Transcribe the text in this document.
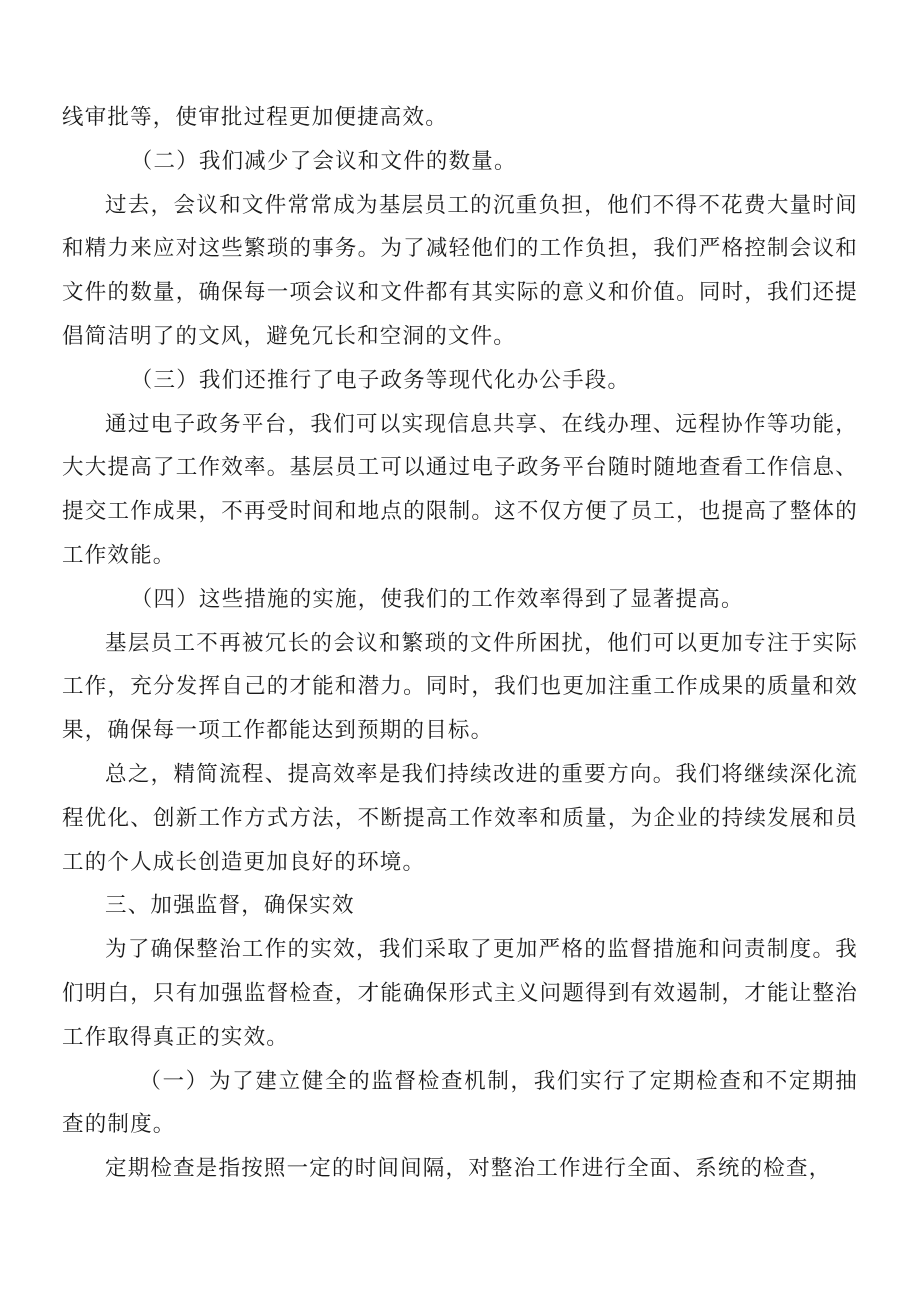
线审批等，使审批过程更加便捷高效。

（二）我们减少了会议和文件的数量。

过去，会议和文件常常成为基层员工的沉重负担，他们不得不花费大量时间和精力来应对这些繁琐的事务。为了减轻他们的工作负担，我们严格控制会议和文件的数量，确保每一项会议和文件都有其实际的意义和价值。同时，我们还提倡简洁明了的文风，避免冗长和空洞的文件。

（三）我们还推行了电子政务等现代化办公手段。

通过电子政务平台，我们可以实现信息共享、在线办理、远程协作等功能，大大提高了工作效率。基层员工可以通过电子政务平台随时随地查看工作信息、提交工作成果，不再受时间和地点的限制。这不仅方便了员工，也提高了整体的工作效能。

（四）这些措施的实施，使我们的工作效率得到了显著提高。

基层员工不再被冗长的会议和繁琐的文件所困扰，他们可以更加专注于实际工作，充分发挥自己的才能和潜力。同时，我们也更加注重工作成果的质量和效果，确保每一项工作都能达到预期的目标。

总之，精简流程、提高效率是我们持续改进的重要方向。我们将继续深化流程优化、创新工作方式方法，不断提高工作效率和质量，为企业的持续发展和员工的个人成长创造更加良好的环境。

三、加强监督，确保实效

为了确保整治工作的实效，我们采取了更加严格的监督措施和问责制度。我们明白，只有加强监督检查，才能确保形式主义问题得到有效遏制，才能让整治工作取得真正的实效。

（一）为了建立健全的监督检查机制，我们实行了定期检查和不定期抽查的制度。

定期检查是指按照一定的时间间隔，对整治工作进行全面、系统的检查，
